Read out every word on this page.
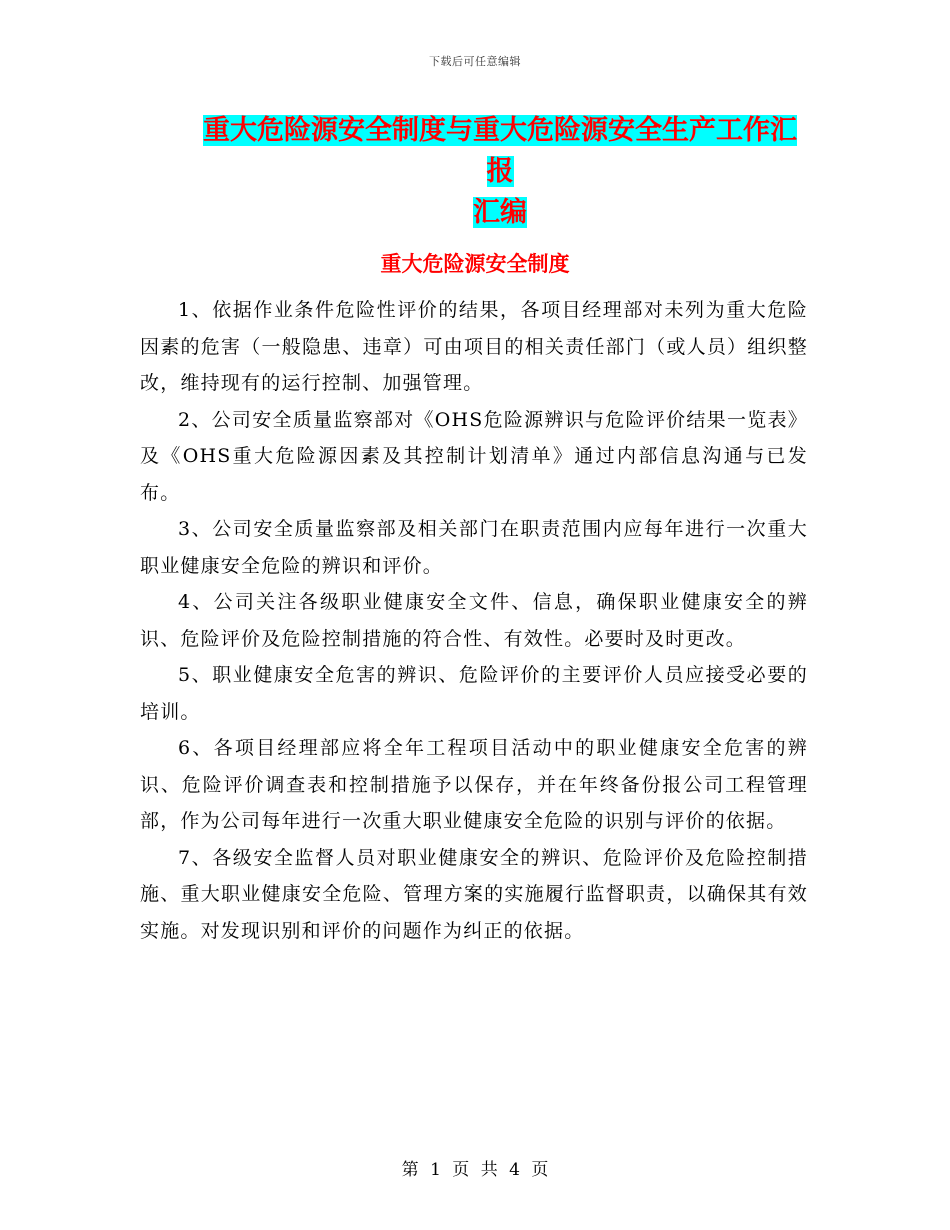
下载后可任意编辑
重大危险源安全制度与重大危险源安全生产工作汇报
汇编
重大危险源安全制度

1、依据作业条件危险性评价的结果，各项目经理部对未列为重大危险因素的危害（一般隐患、违章）可由项目的相关责任部门（或人员）组织整改，维持现有的运行控制、加强管理。

2、公司安全质量监察部对《OHS危险源辨识与危险评价结果一览表》及《OHS重大危险源因素及其控制计划清单》通过内部信息沟通与已发布。

3、公司安全质量监察部及相关部门在职责范围内应每年进行一次重大职业健康安全危险的辨识和评价。

4、公司关注各级职业健康安全文件、信息，确保职业健康安全的辨识、危险评价及危险控制措施的符合性、有效性。必要时及时更改。

5、职业健康安全危害的辨识、危险评价的主要评价人员应接受必要的培训。

6、各项目经理部应将全年工程项目活动中的职业健康安全危害的辨识、危险评价调查表和控制措施予以保存，并在年终备份报公司工程管理部，作为公司每年进行一次重大职业健康安全危险的识别与评价的依据。

7、各级安全监督人员对职业健康安全的辨识、危险评价及危险控制措施、重大职业健康安全危险、管理方案的实施履行监督职责，以确保其有效实施。对发现识别和评价的问题作为纠正的依据。

第 1 页 共 4 页
